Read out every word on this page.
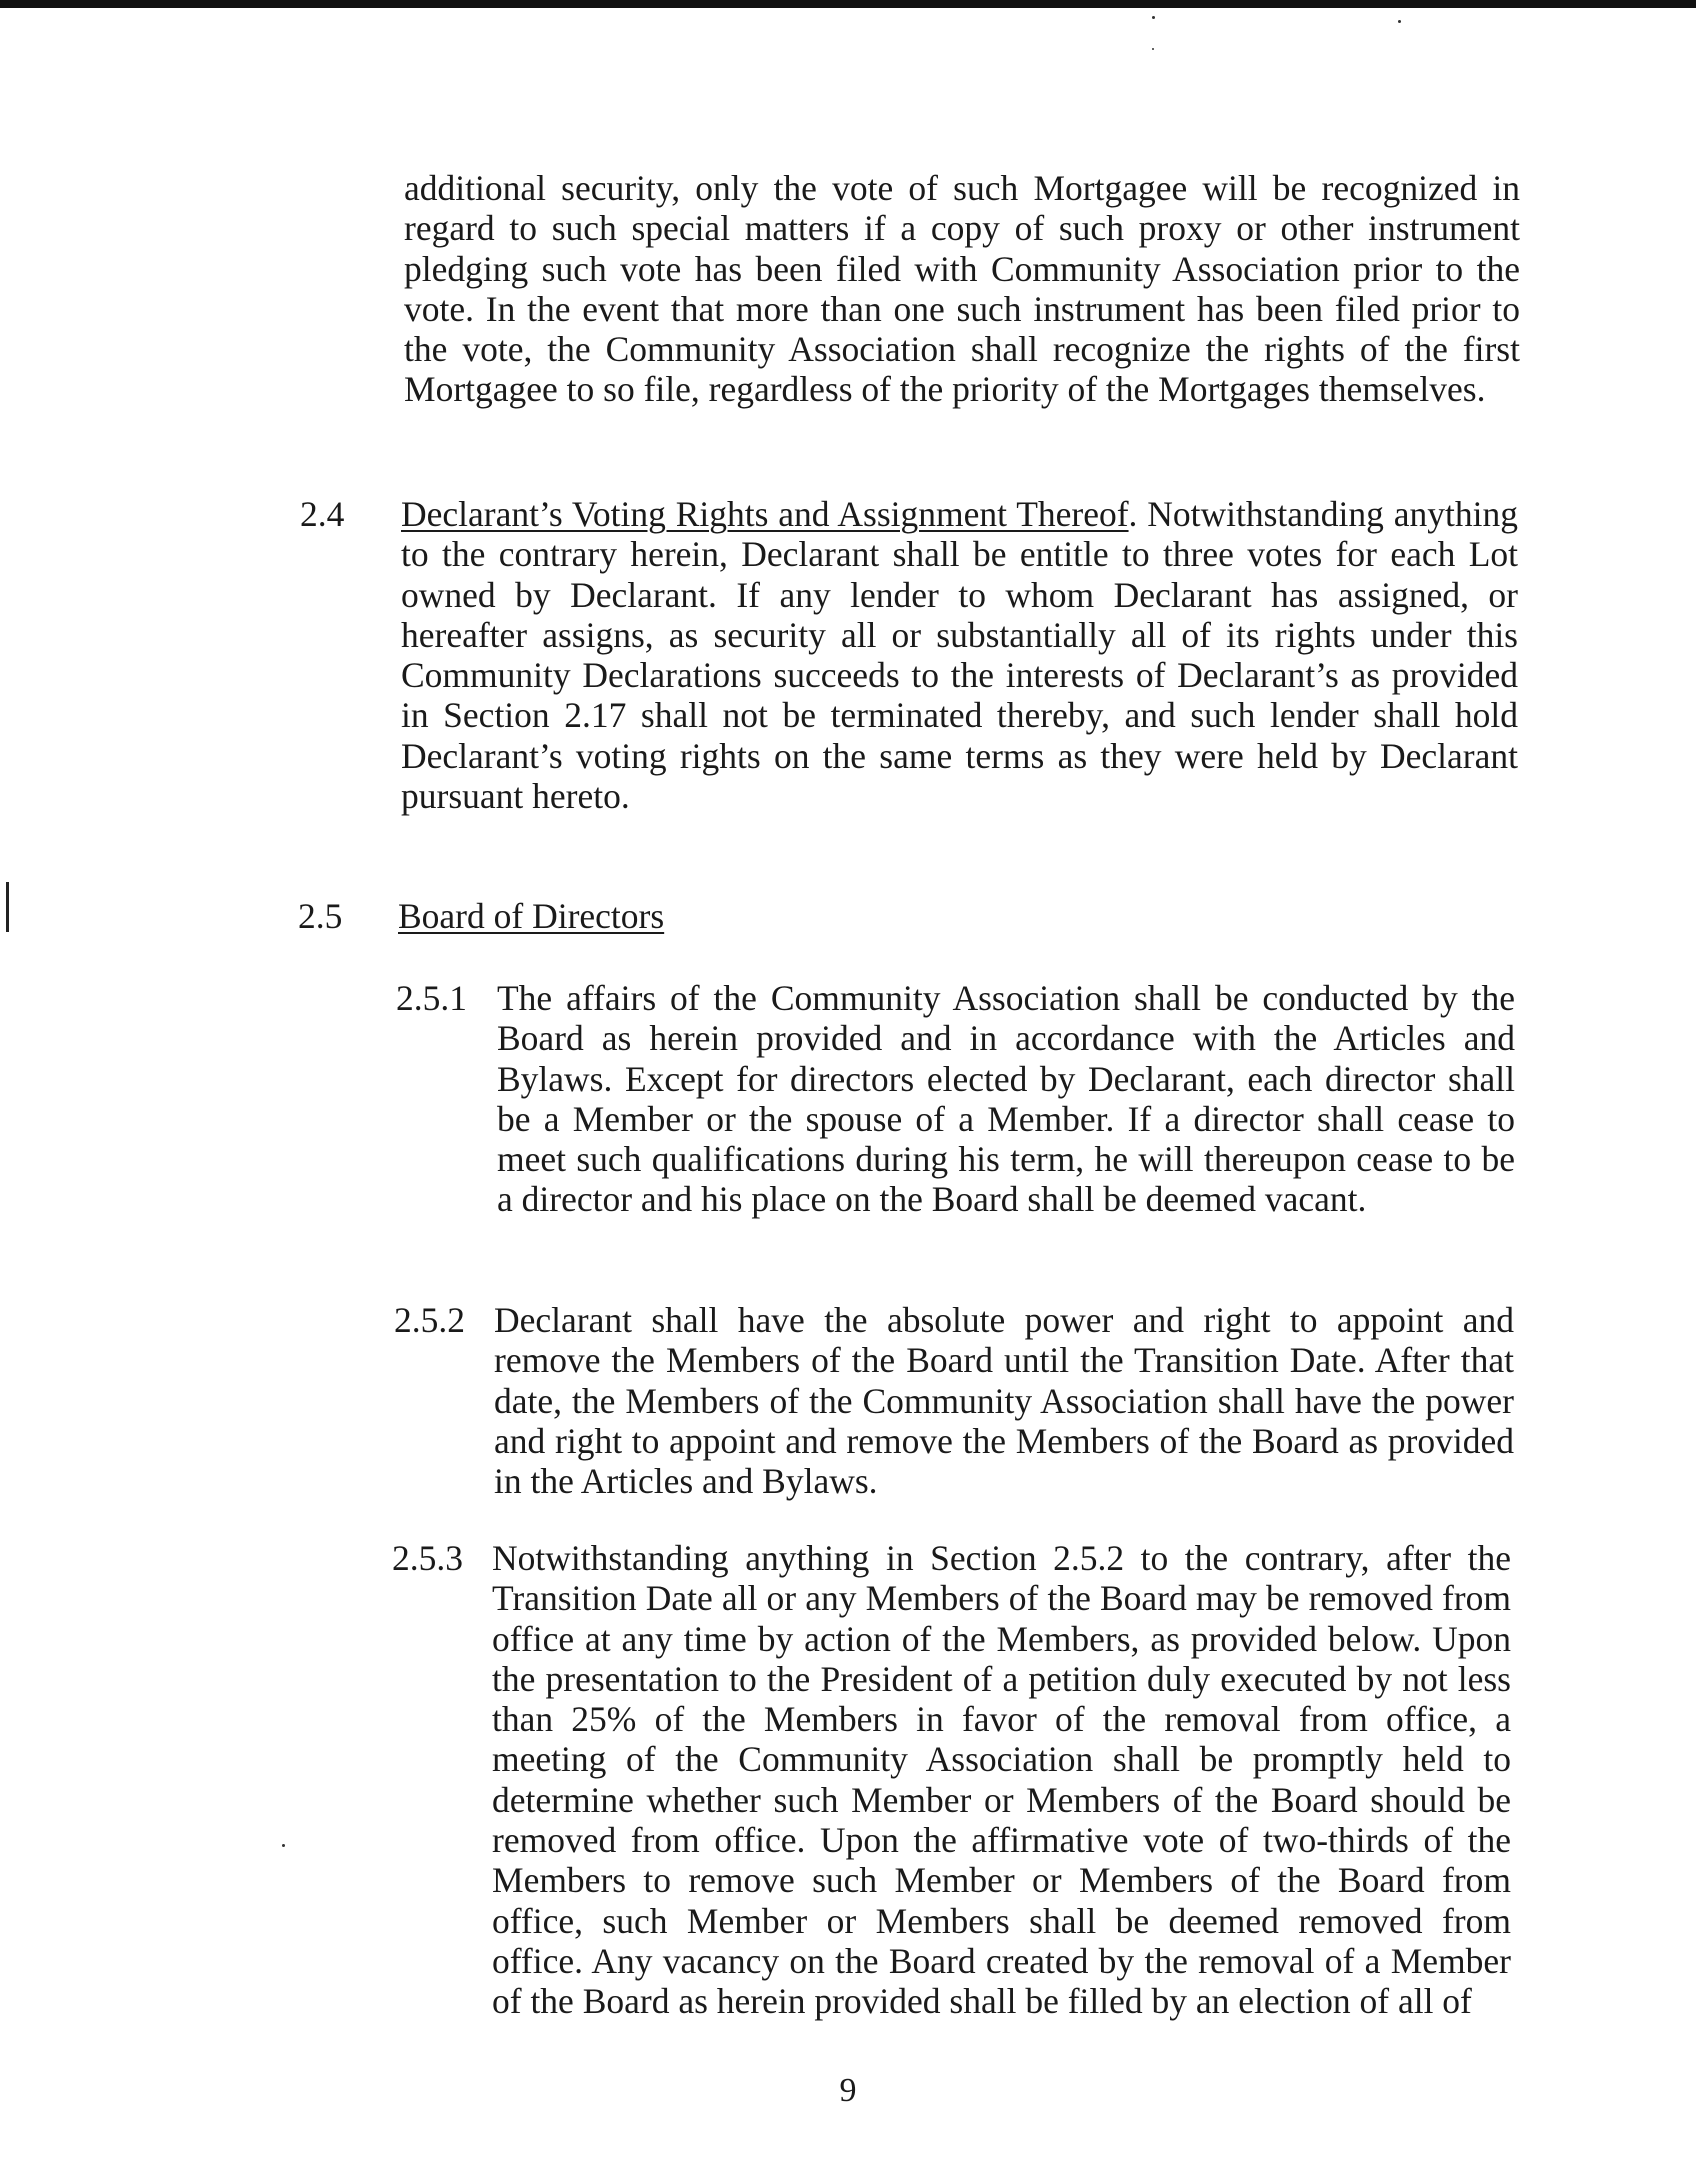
additional security, only the vote of such Mortgagee will be recognized in regard to such special matters if a copy of such proxy or other instrument pledging such vote has been filed with Community Association prior to the vote. In the event that more than one such instrument has been filed prior to the vote, the Community Association shall recognize the rights of the first Mortgagee to so file, regardless of the priority of the Mortgages themselves.

2.4 Declarant’s Voting Rights and Assignment Thereof. Notwithstanding anything to the contrary herein, Declarant shall be entitle to three votes for each Lot owned by Declarant. If any lender to whom Declarant has assigned, or hereafter assigns, as security all or substantially all of its rights under this Community Declarations succeeds to the interests of Declarant’s as provided in Section 2.17 shall not be terminated thereby, and such lender shall hold Declarant’s voting rights on the same terms as they were held by Declarant pursuant hereto.

2.5 Board of Directors
2.5.1 The affairs of the Community Association shall be conducted by the Board as herein provided and in accordance with the Articles and Bylaws. Except for directors elected by Declarant, each director shall be a Member or the spouse of a Member. If a director shall cease to meet such qualifications during his term, he will thereupon cease to be a director and his place on the Board shall be deemed vacant.

2.5.2 Declarant shall have the absolute power and right to appoint and remove the Members of the Board until the Transition Date. After that date, the Members of the Community Association shall have the power and right to appoint and remove the Members of the Board as provided in the Articles and Bylaws.

2.5.3 Notwithstanding anything in Section 2.5.2 to the contrary, after the Transition Date all or any Members of the Board may be removed from office at any time by action of the Members, as provided below. Upon the presentation to the President of a petition duly executed by not less than 25% of the Members in favor of the removal from office, a meeting of the Community Association shall be promptly held to determine whether such Member or Members of the Board should be removed from office. Upon the affirmative vote of two-thirds of the Members to remove such Member or Members of the Board from office, such Member or Members shall be deemed removed from office. Any vacancy on the Board created by the removal of a Member of the Board as herein provided shall be filled by an election of all of

9
